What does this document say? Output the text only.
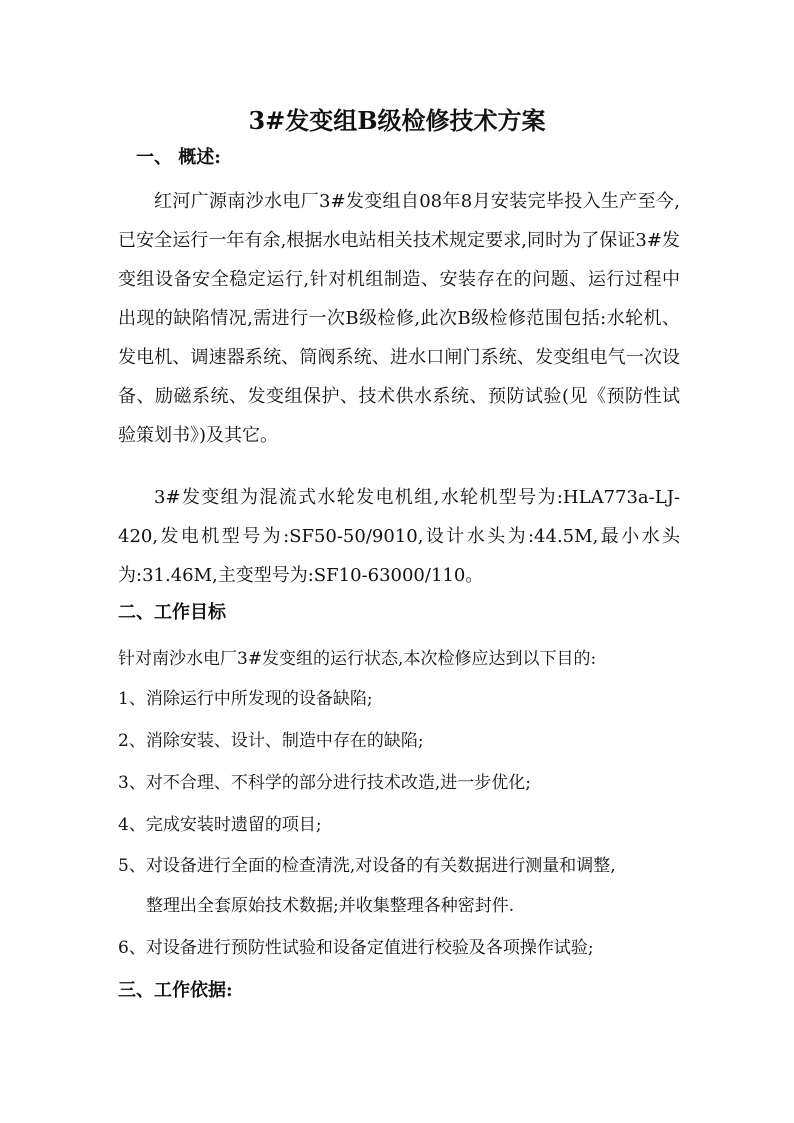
3#发变组B级检修技术方案
一、 概述:
红河广源南沙水电厂3#发变组自08年8月安装完毕投入生产至今,已安全运行一年有余,根据水电站相关技术规定要求,同时为了保证3#发变组设备安全稳定运行,针对机组制造、安装存在的问题、运行过程中出现的缺陷情况,需进行一次B级检修,此次B级检修范围包括:水轮机、发电机、调速器系统、筒阀系统、进水口闸门系统、发变组电气一次设备、励磁系统、发变组保护、技术供水系统、预防试验(见《预防性试验策划书》)及其它。
3#发变组为混流式水轮发电机组,水轮机型号为:HLA773a-LJ-420,发电机型号为:SF50-50/9010,设计水头为:44.5M,最小水头为:31.46M,主变型号为:SF10-63000/110。
二、工作目标
针对南沙水电厂3#发变组的运行状态,本次检修应达到以下目的:
1、消除运行中所发现的设备缺陷;
2、消除安装、设计、制造中存在的缺陷;
3、对不合理、不科学的部分进行技术改造,进一步优化;
4、完成安装时遗留的项目;
5、对设备进行全面的检查清洗,对设备的有关数据进行测量和调整,
整理出全套原始技术数据;并收集整理各种密封件.
6、对设备进行预防性试验和设备定值进行校验及各项操作试验;
三、工作依据:
